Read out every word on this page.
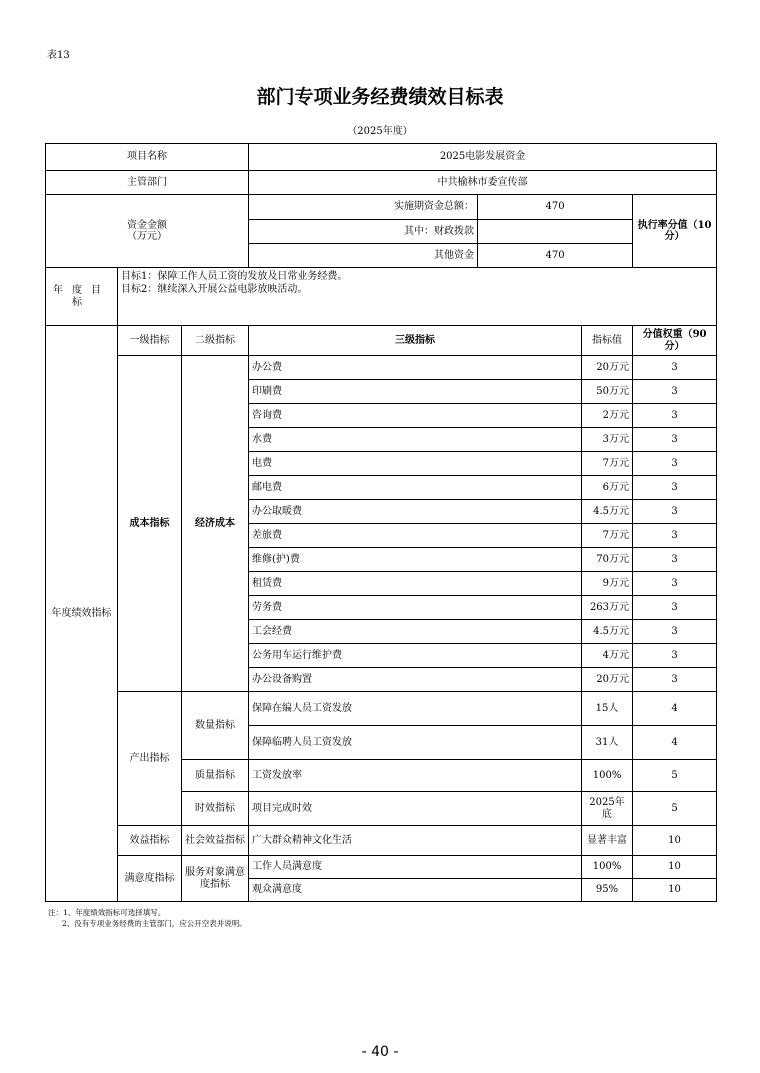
表13
部门专项业务经费绩效目标表
（2025年度）
项目名称			2025电影发展资金			
主管部门			中共榆林市委宣传部			
资金金额
（万元）			实施期资金总额：	470		执行率分值（10分）
			其中：财政拨款			
			其他资金	470		
年度目标	目标1：保障工作人员工资的发放及日常业务经费。
目标2：继续深入开展公益电影放映活动。					

年度绩效指标	一级指标	二级指标	三级指标		指标值	分值权重（90分）
	成本指标	经济成本	办公费		20万元	3
			印刷费		50万元	3
			咨询费		2万元	3
			水费		3万元	3
			电费		7万元	3
			邮电费		6万元	3
			办公取暖费		4.5万元	3
			差旅费		7万元	3
			维修(护)费		70万元	3
			租赁费		9万元	3
			劳务费		263万元	3
			工会经费		4.5万元	3
			公务用车运行维护费		4万元	3
			办公设备购置		20万元	3
	产出指标	数量指标	保障在编人员工资发放		15人	4
			保障临聘人员工资发放		31人	4
		质量指标	工资发放率		100%	5
		时效指标	项目完成时效		2025年底	5
	效益指标	社会效益指标	广大群众精神文化生活		显著丰富	10
	满意度指标	服务对象满意度指标	工作人员满意度		100%	10
			观众满意度		95%	10
注：1、年度绩效指标可选择填写。
2、没有专项业务经费的主管部门，应公开空表并说明。
- 40 -
